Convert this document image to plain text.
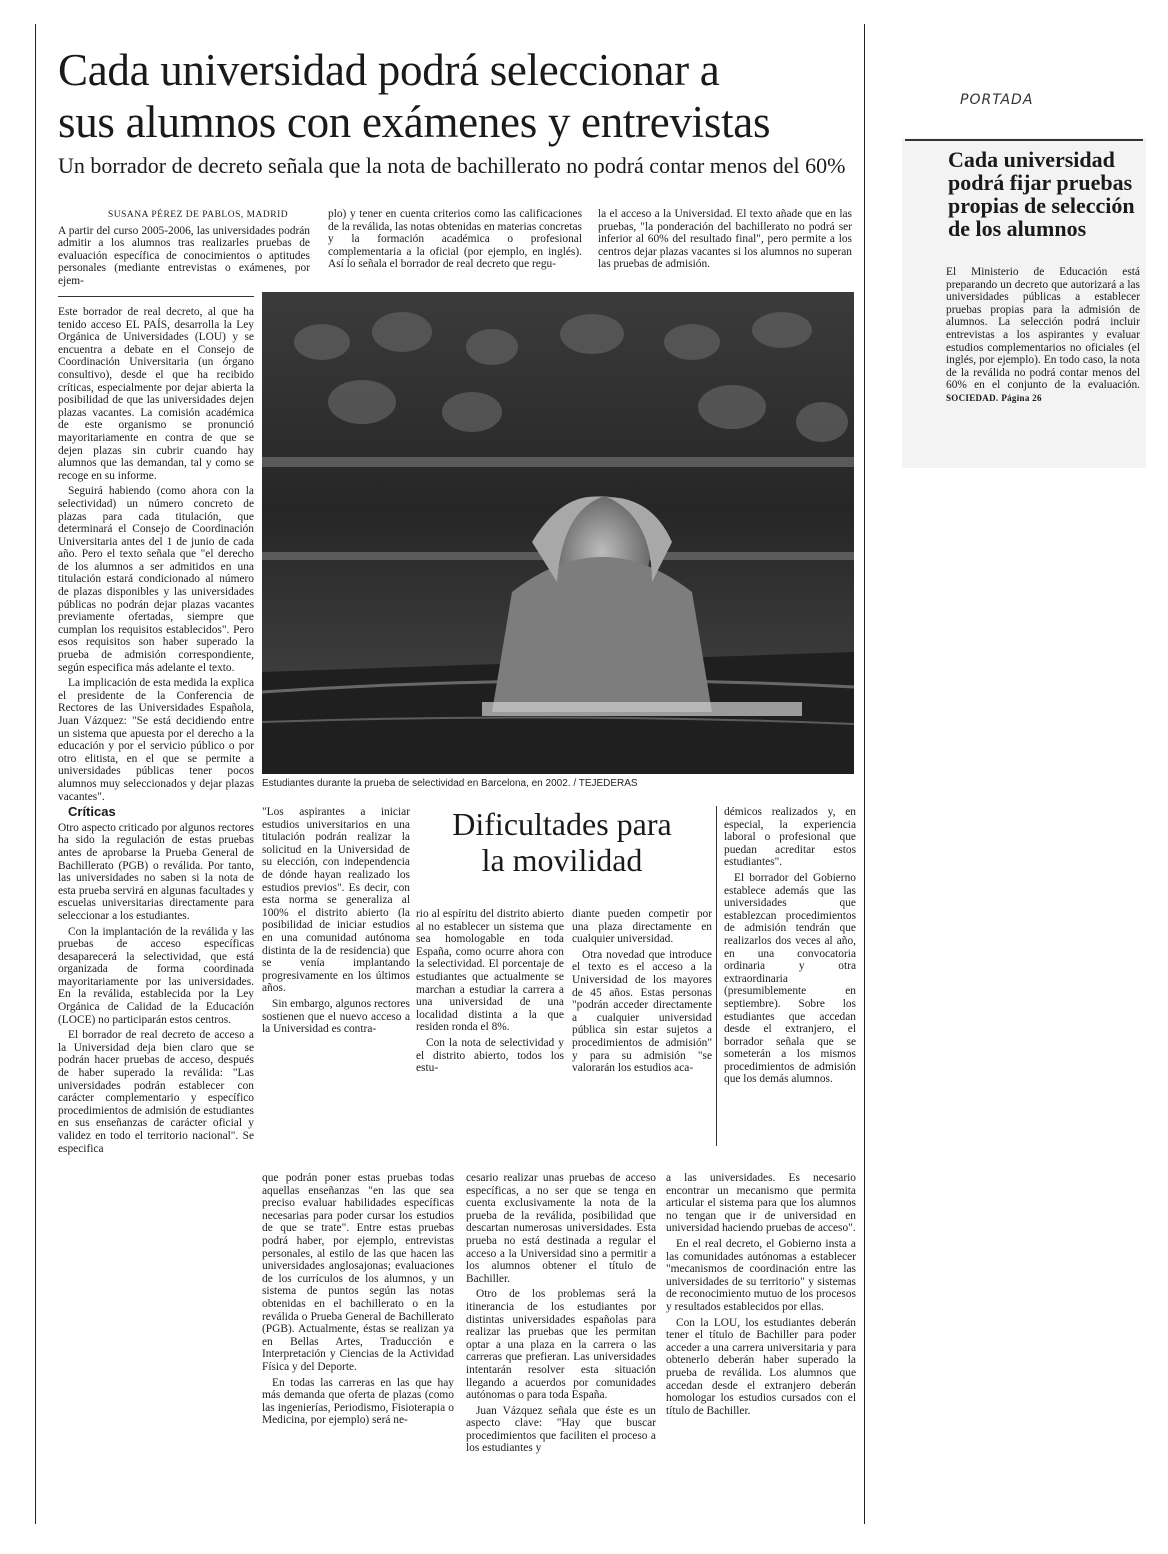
Cada universidad podrá seleccionar a
sus alumnos con exámenes y entrevistas

Un borrador de decreto señala que la nota de bachillerato no podrá contar menos del 60%

SUSANA PÉREZ DE PABLOS, MADRID

A partir del curso 2005-2006, las universidades podrán admitir a los alumnos tras realizarles pruebas de evaluación específica de conocimientos o aptitudes personales (mediante entrevistas o exámenes, por ejem-

plo) y tener en cuenta criterios como las calificaciones de la reválida, las notas obtenidas en materias concretas y la formación académica o profesional complementaria a la oficial (por ejemplo, en inglés). Así lo señala el borrador de real decreto que regu-

la el acceso a la Universidad. El texto añade que en las pruebas, "la ponderación del bachillerato no podrá ser inferior al 60% del resultado final", pero permite a los centros dejar plazas vacantes si los alumnos no superan las pruebas de admisión.

Este borrador de real decreto, al que ha tenido acceso EL PAÍS, desarrolla la Ley Orgánica de Universidades (LOU) y se encuentra a debate en el Consejo de Coordinación Universitaria (un órgano consultivo), desde el que ha recibido críticas, especialmente por dejar abierta la posibilidad de que las universidades dejen plazas vacantes. La comisión académica de este organismo se pronunció mayoritariamente en contra de que se dejen plazas sin cubrir cuando hay alumnos que las demandan, tal y como se recoge en su informe.

Seguirá habiendo (como ahora con la selectividad) un número concreto de plazas para cada titulación, que determinará el Consejo de Coordinación Universitaria antes del 1 de junio de cada año. Pero el texto señala que "el derecho de los alumnos a ser admitidos en una titulación estará condicionado al número de plazas disponibles y las universidades públicas no podrán dejar plazas vacantes previamente ofertadas, siempre que cumplan los requisitos establecidos". Pero esos requisitos son haber superado la prueba de admisión correspondiente, según especifica más adelante el texto.

La implicación de esta medida la explica el presidente de la Conferencia de Rectores de las Universidades Española, Juan Vázquez: "Se está decidiendo entre un sistema que apuesta por el derecho a la educación y por el servicio público o por otro elitista, en el que se permite a universidades públicas tener pocos alumnos muy seleccionados y dejar plazas vacantes".

Críticas

Otro aspecto criticado por algunos rectores ha sido la regulación de estas pruebas antes de aprobarse la Prueba General de Bachillerato (PGB) o reválida. Por tanto, las universidades no saben si la nota de esta prueba servirá en algunas facultades y escuelas universitarias directamente para seleccionar a los estudiantes.

Con la implantación de la reválida y las pruebas de acceso específicas desaparecerá la selectividad, que está organizada de forma coordinada mayoritariamente por las universidades. En la reválida, establecida por la Ley Orgánica de Calidad de la Educación (LOCE) no participarán estos centros.

El borrador de real decreto de acceso a la Universidad deja bien claro que se podrán hacer pruebas de acceso, después de haber superado la reválida: "Las universidades podrán establecer con carácter complementario y específico procedimientos de admisión de estudiantes en sus enseñanzas de carácter oficial y validez en todo el territorio nacional". Se especifica

Estudiantes durante la prueba de selectividad en Barcelona, en 2002. / TEJEDERAS

"Los aspirantes a iniciar estudios universitarios en una titulación podrán realizar la solicitud en la Universidad de su elección, con independencia de dónde hayan realizado los estudios previos". Es decir, con esta norma se generaliza al 100% el distrito abierto (la posibilidad de iniciar estudios en una comunidad autónoma distinta de la de residencia) que se venía implantando progresivamente en los últimos años.

Sin embargo, algunos rectores sostienen que el nuevo acceso a la Universidad es contra-

Dificultades para
la movilidad

rio al espíritu del distrito abierto al no establecer un sistema que sea homologable en toda España, como ocurre ahora con la selectividad. El porcentaje de estudiantes que actualmente se marchan a estudiar la carrera a una universidad de una localidad distinta a la que residen ronda el 8%.

Con la nota de selectividad y el distrito abierto, todos los estu-

diante pueden competir por una plaza directamente en cualquier universidad.

Otra novedad que introduce el texto es el acceso a la Universidad de los mayores de 45 años. Estas personas "podrán acceder directamente a cualquier universidad pública sin estar sujetos a procedimientos de admisión" y para su admisión "se valorarán los estudios aca-

démicos realizados y, en especial, la experiencia laboral o profesional que puedan acreditar estos estudiantes".

El borrador del Gobierno establece además que las universidades que establezcan procedimientos de admisión tendrán que realizarlos dos veces al año, en una convocatoria ordinaria y otra extraordinaria (presumiblemente en septiembre). Sobre los estudiantes que accedan desde el extranjero, el borrador señala que se someterán a los mismos procedimientos de admisión que los demás alumnos.

que podrán poner estas pruebas todas aquellas enseñanzas "en las que sea preciso evaluar habilidades específicas necesarias para poder cursar los estudios de que se trate". Entre estas pruebas podrá haber, por ejemplo, entrevistas personales, al estilo de las que hacen las universidades anglosajonas; evaluaciones de los currículos de los alumnos, y un sistema de puntos según las notas obtenidas en el bachillerato o en la reválida o Prueba General de Bachillerato (PGB). Actualmente, éstas se realizan ya en Bellas Artes, Traducción e Interpretación y Ciencias de la Actividad Física y del Deporte.

En todas las carreras en las que hay más demanda que oferta de plazas (como las ingenierías, Periodismo, Fisioterapia o Medicina, por ejemplo) será ne-

cesario realizar unas pruebas de acceso específicas, a no ser que se tenga en cuenta exclusivamente la nota de la prueba de la reválida, posibilidad que descartan numerosas universidades. Esta prueba no está destinada a regular el acceso a la Universidad sino a permitir a los alumnos obtener el título de Bachiller.

Otro de los problemas será la itinerancia de los estudiantes por distintas universidades españolas para realizar las pruebas que les permitan optar a una plaza en la carrera o las carreras que prefieran. Las universidades intentarán resolver esta situación llegando a acuerdos por comunidades autónomas o para toda España.

Juan Vázquez señala que éste es un aspecto clave: "Hay que buscar procedimientos que faciliten el proceso a los estudiantes y

a las universidades. Es necesario encontrar un mecanismo que permita articular el sistema para que los alumnos no tengan que ir de universidad en universidad haciendo pruebas de acceso".

En el real decreto, el Gobierno insta a las comunidades autónomas a establecer "mecanismos de coordinación entre las universidades de su territorio" y sistemas de reconocimiento mutuo de los procesos y resultados establecidos por ellas.

Con la LOU, los estudiantes deberán tener el título de Bachiller para poder acceder a una carrera universitaria y para obtenerlo deberán haber superado la prueba de reválida. Los alumnos que accedan desde el extranjero deberán homologar los estudios cursados con el título de Bachiller.

PORTADA
Cada universidad podrá fijar pruebas propias de selección de los alumnos
El Ministerio de Educación está preparando un decreto que autorizará a las universidades públicas a establecer pruebas propias para la admisión de alumnos. La selección podrá incluir entrevistas a los aspirantes y evaluar estudios complementarios no oficiales (el inglés, por ejemplo). En todo caso, la nota de la reválida no podrá contar menos del 60% en el conjunto de la evaluación. SOCIEDAD. Página 26
